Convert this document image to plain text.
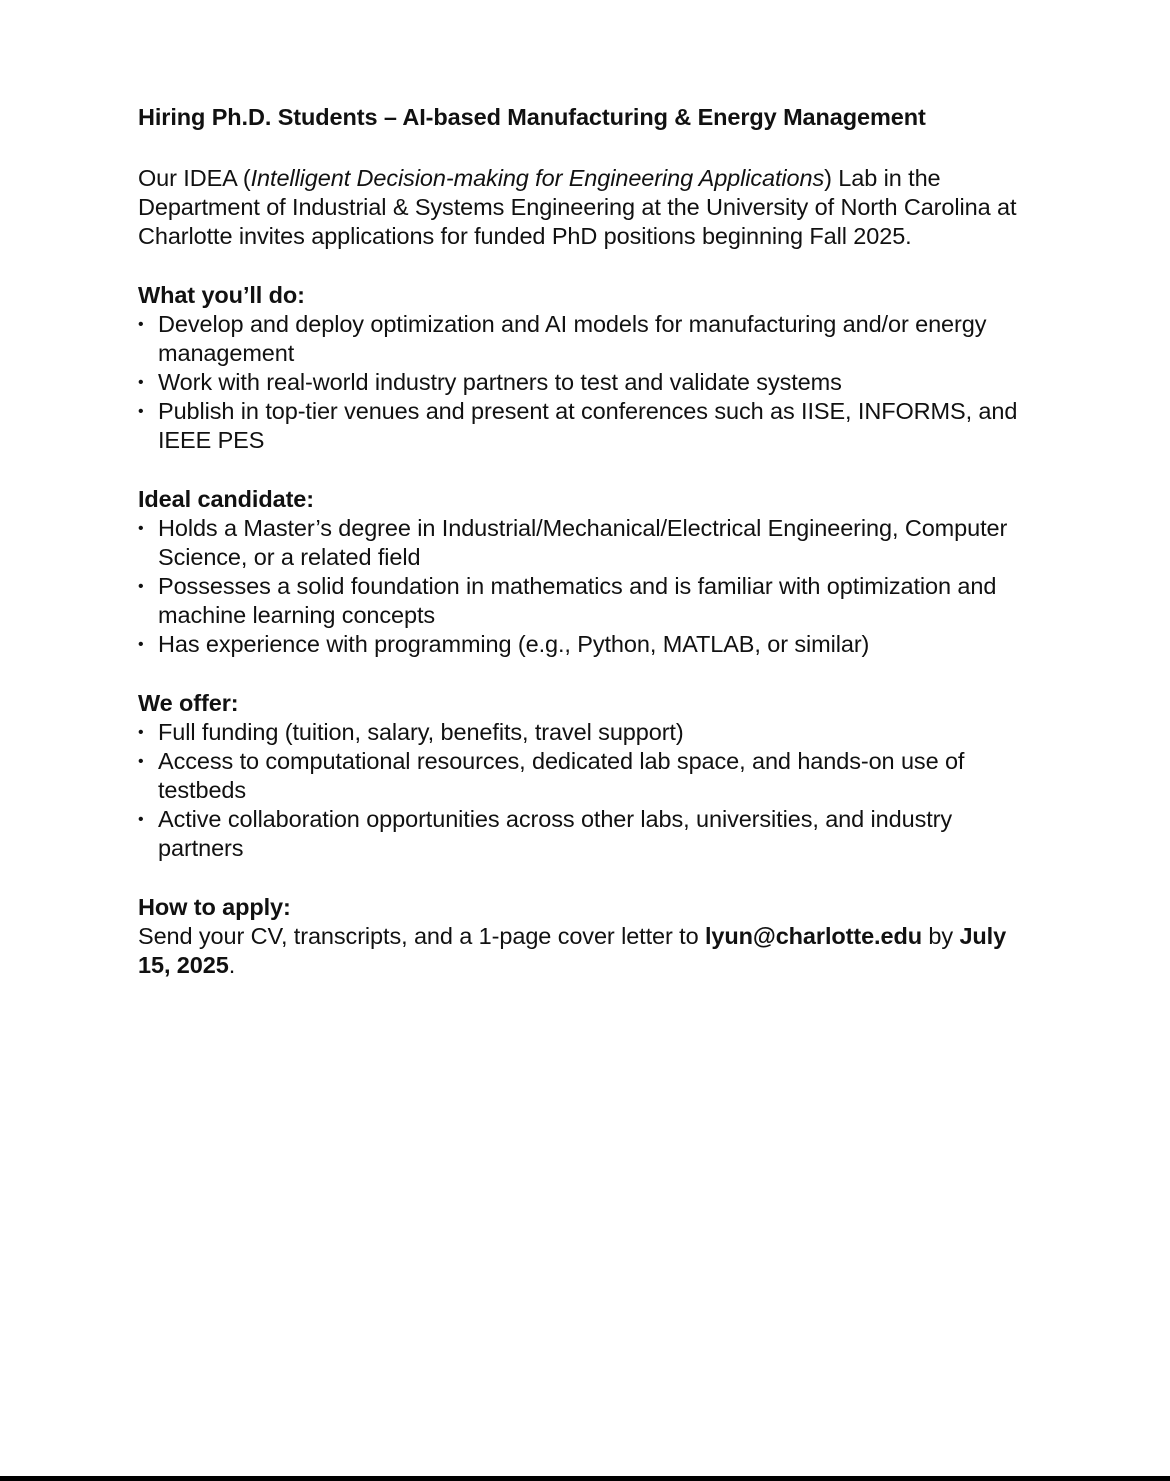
Hiring Ph.D. Students – AI-based Manufacturing & Energy Management

Our IDEA (Intelligent Decision-making for Engineering Applications) Lab in the Department of Industrial & Systems Engineering at the University of North Carolina at Charlotte invites applications for funded PhD positions beginning Fall 2025.

What you’ll do:
• Develop and deploy optimization and AI models for manufacturing and/or energy management
• Work with real-world industry partners to test and validate systems
• Publish in top-tier venues and present at conferences such as IISE, INFORMS, and IEEE PES
Ideal candidate:
• Holds a Master’s degree in Industrial/Mechanical/Electrical Engineering, Computer Science, or a related field
• Possesses a solid foundation in mathematics and is familiar with optimization and machine learning concepts
• Has experience with programming (e.g., Python, MATLAB, or similar)
We offer:
• Full funding (tuition, salary, benefits, travel support)
• Access to computational resources, dedicated lab space, and hands-on use of testbeds
• Active collaboration opportunities across other labs, universities, and industry partners
How to apply:

Send your CV, transcripts, and a 1-page cover letter to lyun@charlotte.edu by July 15, 2025.
